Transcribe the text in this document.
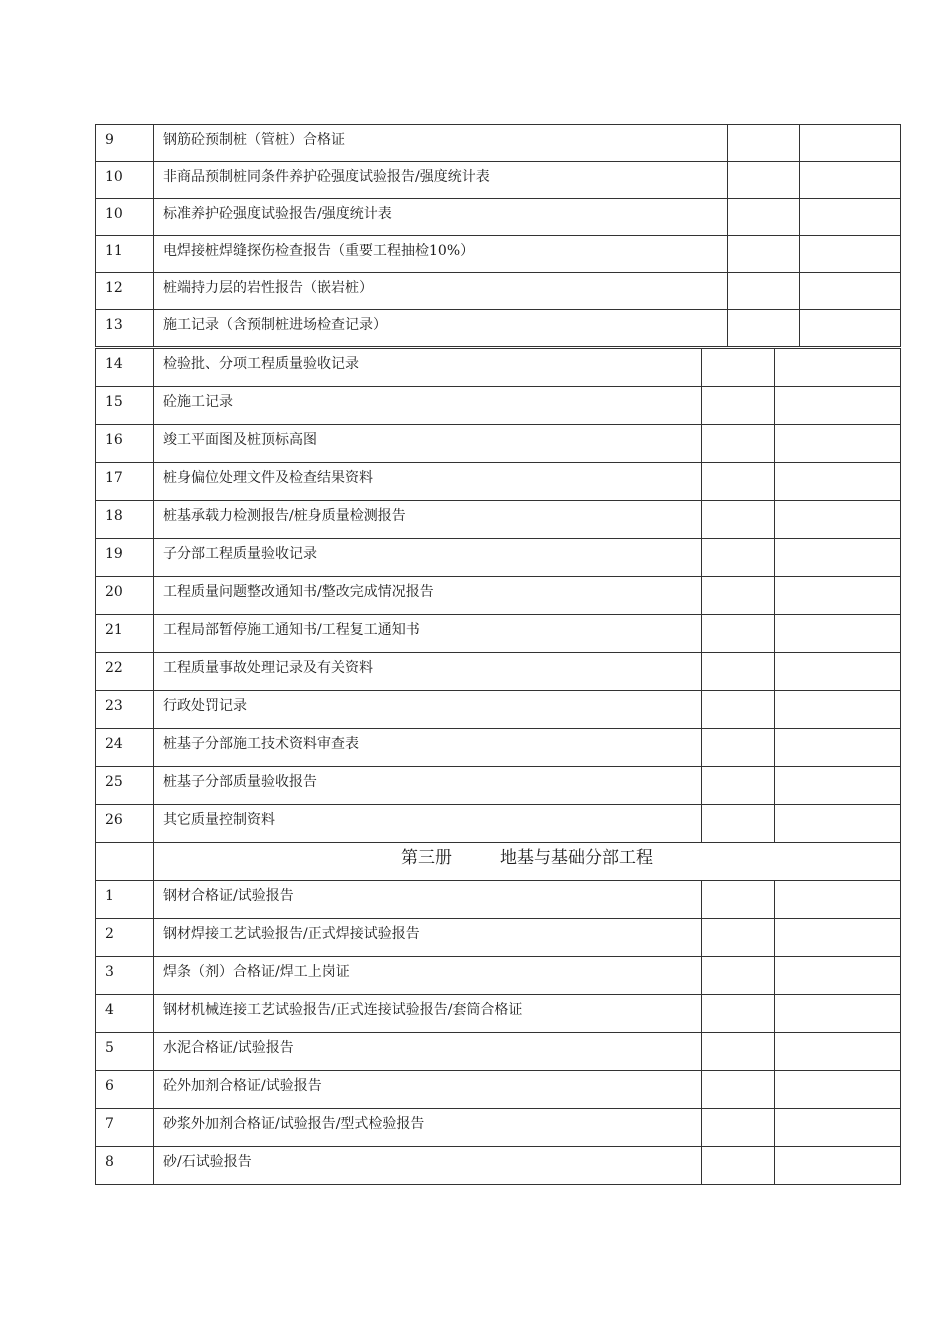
9	钢筋砼预制桩（管桩）合格证		
10	非商品预制桩同条件养护砼强度试验报告/强度统计表		
10	标准养护砼强度试验报告/强度统计表		
11	电焊接桩焊缝探伤检查报告（重要工程抽检10%）		
12	桩端持力层的岩性报告（嵌岩桩）		
13	施工记录（含预制桩进场检查记录）		
14	检验批、分项工程质量验收记录		
15	砼施工记录		
16	竣工平面图及桩顶标高图		
17	桩身偏位处理文件及检查结果资料		
18	桩基承载力检测报告/桩身质量检测报告		
19	子分部工程质量验收记录		
20	工程质量问题整改通知书/整改完成情况报告		
21	工程局部暂停施工通知书/工程复工通知书		
22	工程质量事故处理记录及有关资料		
23	行政处罚记录		
24	桩基子分部施工技术资料审查表		
25	桩基子分部质量验收报告		
26	其它质量控制资料		
	第三册 地基与基础分部工程		
1	钢材合格证/试验报告		
2	钢材焊接工艺试验报告/正式焊接试验报告		
3	焊条（剂）合格证/焊工上岗证		
4	钢材机械连接工艺试验报告/正式连接试验报告/套筒合格证		
5	水泥合格证/试验报告		
6	砼外加剂合格证/试验报告		
7	砂浆外加剂合格证/试验报告/型式检验报告		
8	砂/石试验报告		
